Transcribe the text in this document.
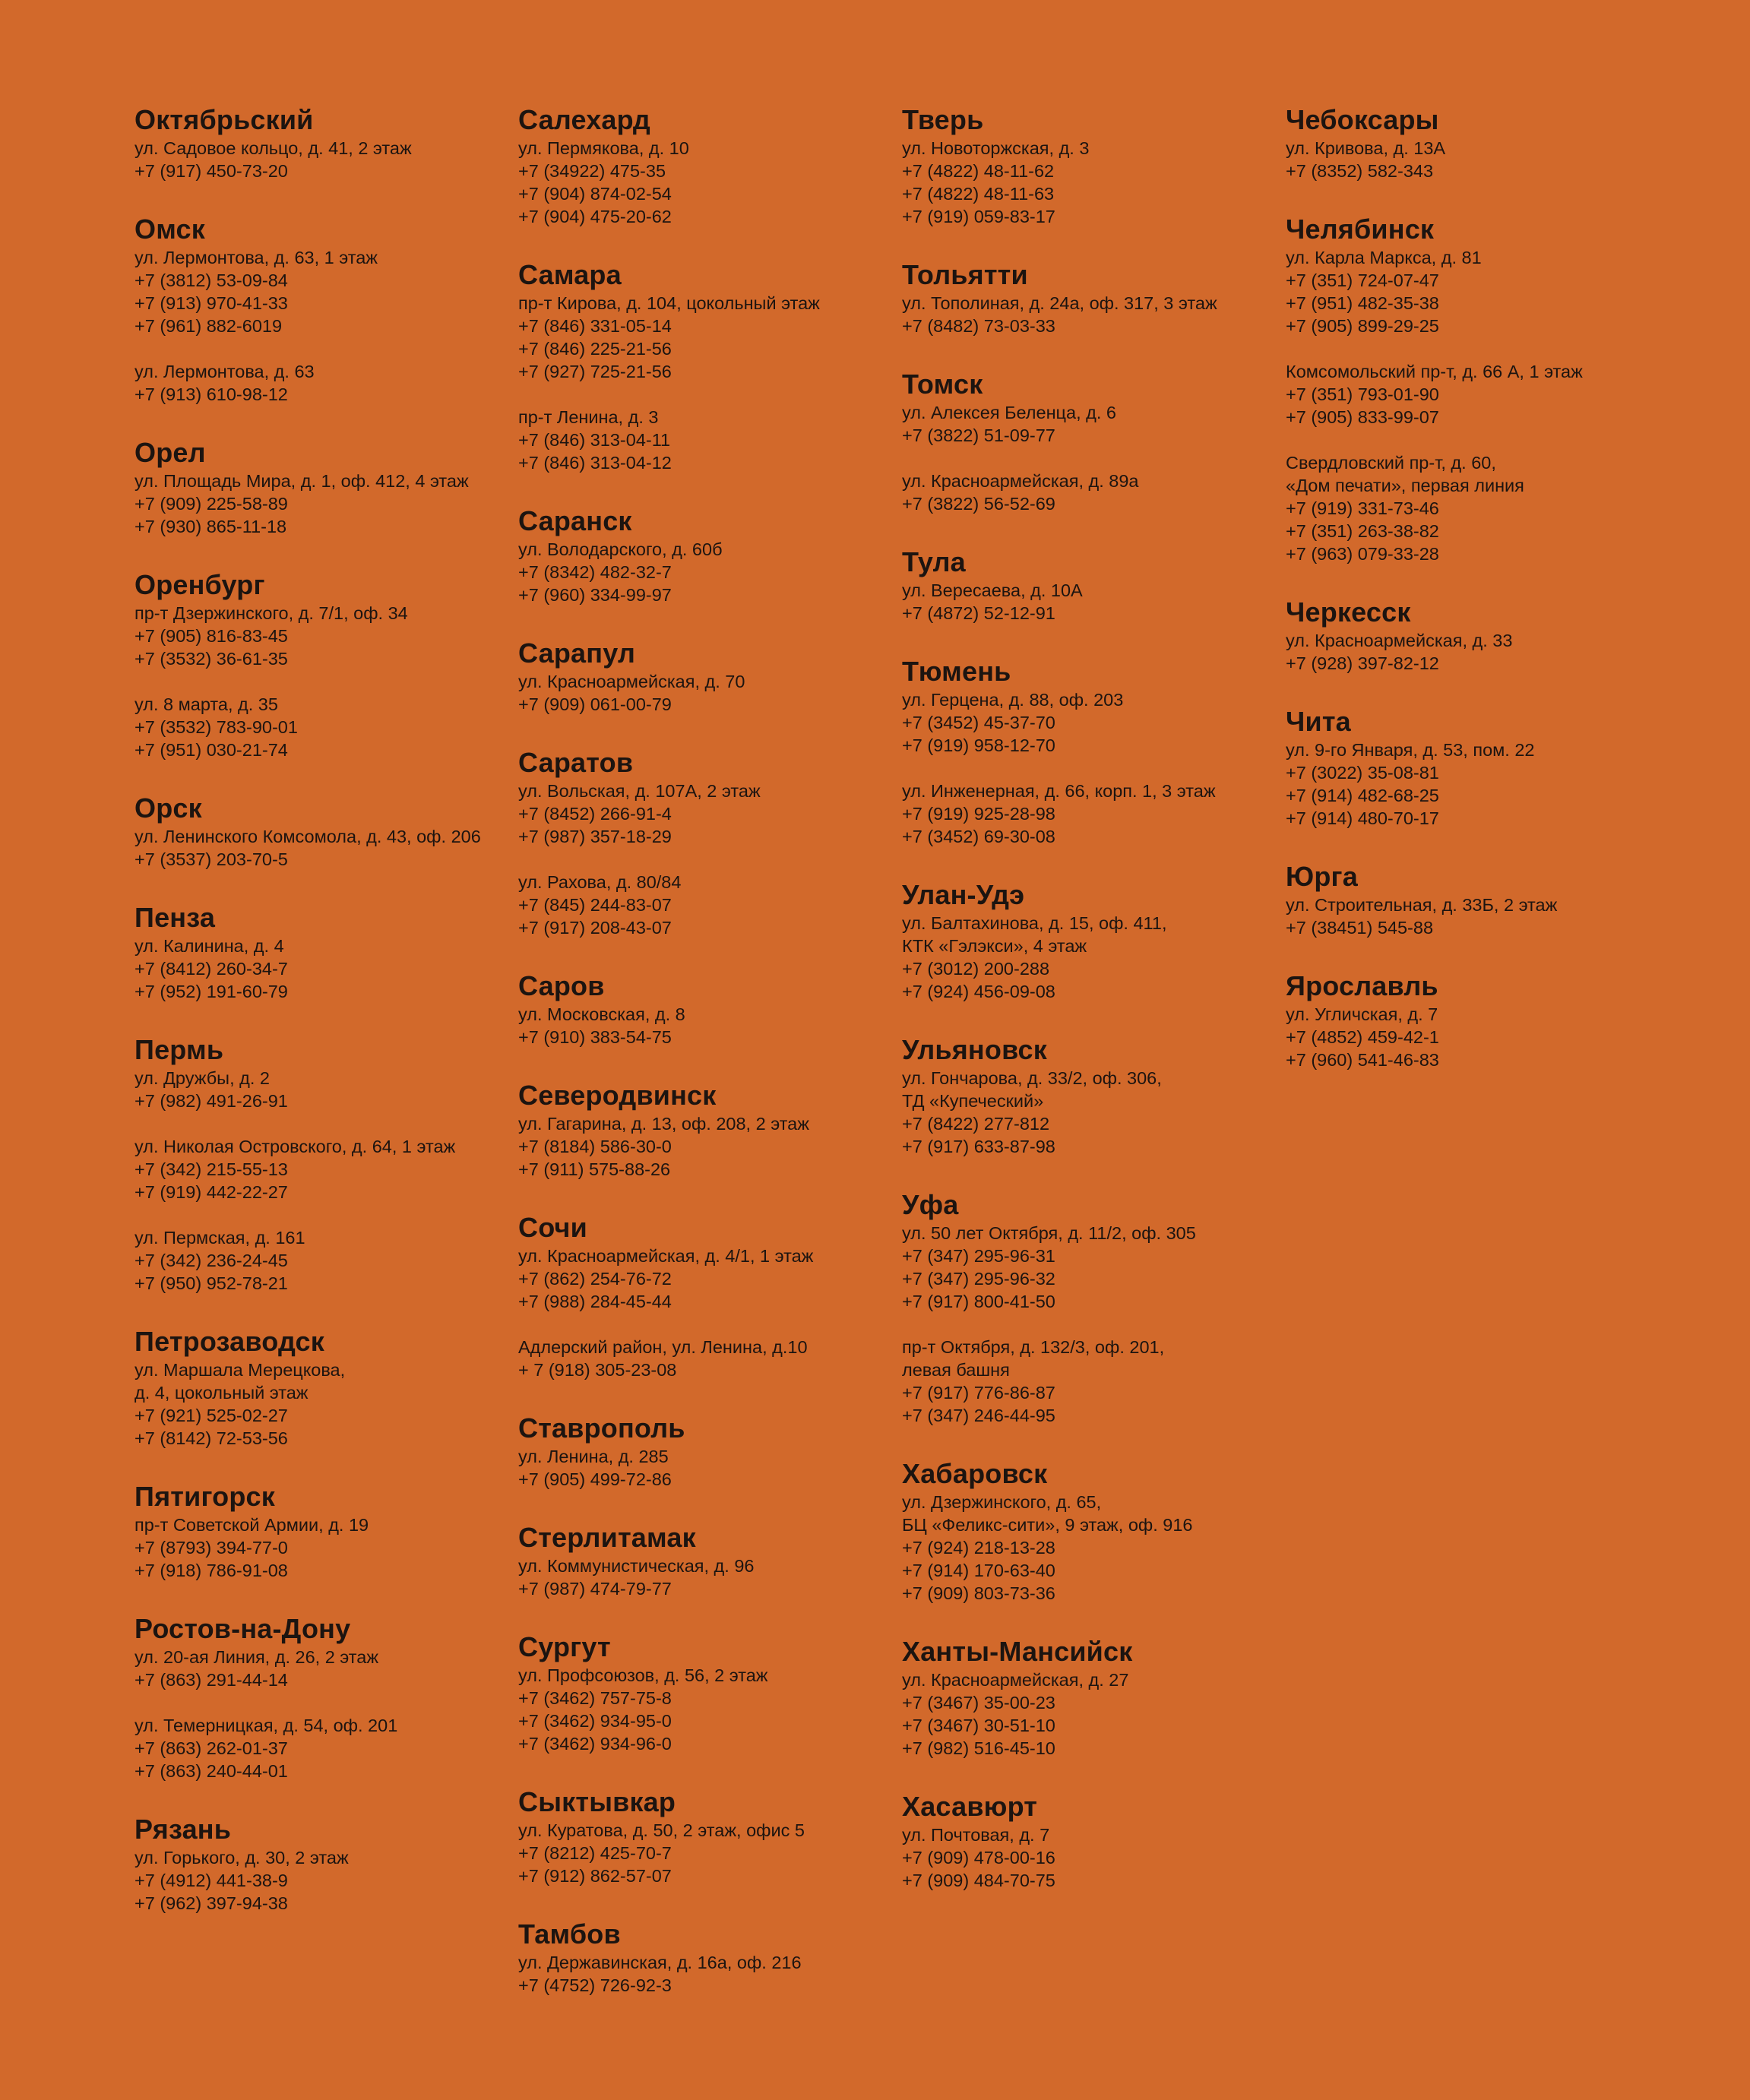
Октябрьский
ул. Садовое кольцо, д. 41, 2 этаж
+7 (917) 450-73-20
Омск
ул. Лермонтова, д. 63, 1 этаж
+7 (3812) 53-09-84
+7 (913) 970-41-33
+7 (961) 882-6019
ул. Лермонтова, д. 63
+7 (913) 610-98-12
Орел
ул. Площадь Мира, д. 1, оф. 412, 4 этаж
+7 (909) 225-58-89
+7 (930) 865-11-18
Оренбург
пр-т Дзержинского, д. 7/1, оф. 34
+7 (905) 816-83-45
+7 (3532) 36-61-35
ул. 8 марта, д. 35
+7 (3532) 783-90-01
+7 (951) 030-21-74
Орск
ул. Ленинского Комсомола, д. 43, оф. 206
+7 (3537) 203-70-5
Пенза
ул. Калинина, д. 4
+7 (8412) 260-34-7
+7 (952) 191-60-79
Пермь
ул. Дружбы, д. 2
+7 (982) 491-26-91
ул. Николая Островского, д. 64, 1 этаж
+7 (342) 215-55-13
+7 (919) 442-22-27
ул. Пермская, д. 161
+7 (342) 236-24-45
+7 (950) 952-78-21
Петрозаводск
ул. Маршала Мерецкова,
д. 4, цокольный этаж
+7 (921) 525-02-27
+7 (8142) 72-53-56
Пятигорск
пр-т Советской Армии, д. 19
+7 (8793) 394-77-0
+7 (918) 786-91-08
Ростов-на-Дону
ул. 20-ая Линия, д. 26, 2 этаж
+7 (863) 291-44-14
ул. Темерницкая, д. 54, оф. 201
+7 (863) 262-01-37
+7 (863) 240-44-01
Рязань
ул. Горького, д. 30, 2 этаж
+7 (4912) 441-38-9
+7 (962) 397-94-38
Салехард
ул. Пермякова, д. 10
+7 (34922) 475-35
+7 (904) 874-02-54
+7 (904) 475-20-62
Самара
пр-т Кирова, д. 104, цокольный этаж
+7 (846) 331-05-14
+7 (846) 225-21-56
+7 (927) 725-21-56
пр-т Ленина, д. 3
+7 (846) 313-04-11
+7 (846) 313-04-12
Саранск
ул. Володарского, д. 60б
+7 (8342) 482-32-7
+7 (960) 334-99-97
Сарапул
ул. Красноармейская, д. 70
+7 (909) 061-00-79
Саратов
ул. Вольская, д. 107А, 2 этаж
+7 (8452) 266-91-4
+7 (987) 357-18-29
ул. Рахова, д. 80/84
+7 (845) 244-83-07
+7 (917) 208-43-07
Саров
ул. Московская, д. 8
+7 (910) 383-54-75
Северодвинск
ул. Гагарина, д. 13, оф. 208, 2 этаж
+7 (8184) 586-30-0
+7 (911) 575-88-26
Сочи
ул. Красноармейская, д. 4/1, 1 этаж
+7 (862) 254-76-72
+7 (988) 284-45-44
Адлерский район, ул. Ленина, д.10
+ 7 (918) 305-23-08
Ставрополь
ул. Ленина, д. 285
+7 (905) 499-72-86
Стерлитамак
ул. Коммунистическая, д. 96
+7 (987) 474-79-77
Сургут
ул. Профсоюзов, д. 56, 2 этаж
+7 (3462) 757-75-8
+7 (3462) 934-95-0
+7 (3462) 934-96-0
Сыктывкар
ул. Куратова, д. 50, 2 этаж, офис 5
+7 (8212) 425-70-7
+7 (912) 862-57-07
Тамбов
ул. Державинская, д. 16а, оф. 216
+7 (4752) 726-92-3
Тверь
ул. Новоторжская, д. 3
+7 (4822) 48-11-62
+7 (4822) 48-11-63
+7 (919) 059-83-17
Тольятти
ул. Тополиная, д. 24а, оф. 317, 3 этаж
+7 (8482) 73-03-33
Томск
ул. Алексея Беленца, д. 6
+7 (3822) 51-09-77
ул. Красноармейская, д. 89а
+7 (3822) 56-52-69
Тула
ул. Вересаева, д. 10А
+7 (4872) 52-12-91
Тюмень
ул. Герцена, д. 88, оф. 203
+7 (3452) 45-37-70
+7 (919) 958-12-70
ул. Инженерная, д. 66, корп. 1, 3 этаж
+7 (919) 925-28-98
+7 (3452) 69-30-08
Улан-Удэ
ул. Балтахинова, д. 15, оф. 411,
КТК «Гэлэкси», 4 этаж
+7 (3012) 200-288
+7 (924) 456-09-08
Ульяновск
ул. Гончарова, д. 33/2, оф. 306,
ТД «Купеческий»
+7 (8422) 277-812
+7 (917) 633-87-98
Уфа
ул. 50 лет Октября, д. 11/2, оф. 305
+7 (347) 295-96-31
+7 (347) 295-96-32
+7 (917) 800-41-50
пр-т Октября, д. 132/3, оф. 201,
левая башня
+7 (917) 776-86-87
+7 (347) 246-44-95
Хабаровск
ул. Дзержинского, д. 65,
БЦ «Феликс-сити», 9 этаж, оф. 916
+7 (924) 218-13-28
+7 (914) 170-63-40
+7 (909) 803-73-36
Ханты-Мансийск
ул. Красноармейская, д. 27
+7 (3467) 35-00-23
+7 (3467) 30-51-10
+7 (982) 516-45-10
Хасавюрт
ул. Почтовая, д. 7
+7 (909) 478-00-16
+7 (909) 484-70-75
Чебоксары
ул. Кривова, д. 13А
+7 (8352) 582-343
Челябинск
ул. Карла Маркса, д. 81
+7 (351) 724-07-47
+7 (951) 482-35-38
+7 (905) 899-29-25
Комсомольский пр-т, д. 66 А, 1 этаж
+7 (351) 793-01-90
+7 (905) 833-99-07
Свердловский пр-т, д. 60,
«Дом печати», первая линия
+7 (919) 331-73-46
+7 (351) 263-38-82
+7 (963) 079-33-28
Черкесск
ул. Красноармейская, д. 33
+7 (928) 397-82-12
Чита
ул. 9-го Января, д. 53, пом. 22
+7 (3022) 35-08-81
+7 (914) 482-68-25
+7 (914) 480-70-17
Юрга
ул. Строительная, д. 33Б, 2 этаж
+7 (38451) 545-88
Ярославль
ул. Угличская, д. 7
+7 (4852) 459-42-1
+7 (960) 541-46-83
